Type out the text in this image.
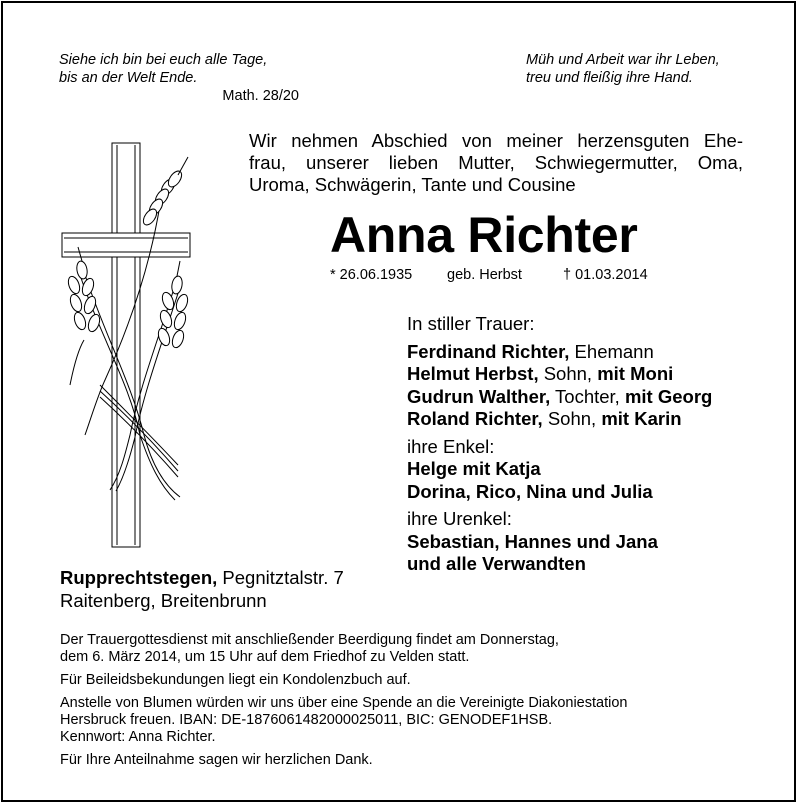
Siehe ich bin bei euch alle Tage,
bis an der Welt Ende.
Math. 28/20
Müh und Arbeit war ihr Leben,
treu und fleißig ihre Hand.
Wir nehmen Abschied von meiner herzensguten Ehe-
frau, unserer lieben Mutter, Schwiegermutter, Oma,
Uroma, Schwägerin, Tante und Cousine
Anna Richter
* 26.06.1935 geb. Herbst	† 01.03.2014
In stiller Trauer:
Ferdinand Richter, Ehemann
Helmut Herbst, Sohn, mit Moni
Gudrun Walther, Tochter, mit Georg
Roland Richter, Sohn, mit Karin
ihre Enkel:
Helge mit Katja
Dorina, Rico, Nina und Julia
ihre Urenkel:
Sebastian, Hannes und Jana
und alle Verwandten
Rupprechtstegen, Pegnitztalstr. 7
Raitenberg, Breitenbrunn
Der Trauergottesdienst mit anschließender Beerdigung findet am Donnerstag,
dem 6. März 2014, um 15 Uhr auf dem Friedhof zu Velden statt.
Für Beileidsbekundungen liegt ein Kondolenzbuch auf.
Anstelle von Blumen würden wir uns über eine Spende an die Vereinigte Diakoniestation
Hersbruck freuen. IBAN: DE-1876061482000025011, BIC: GENODEF1HSB.
Kennwort: Anna Richter.
Für Ihre Anteilnahme sagen wir herzlichen Dank.
